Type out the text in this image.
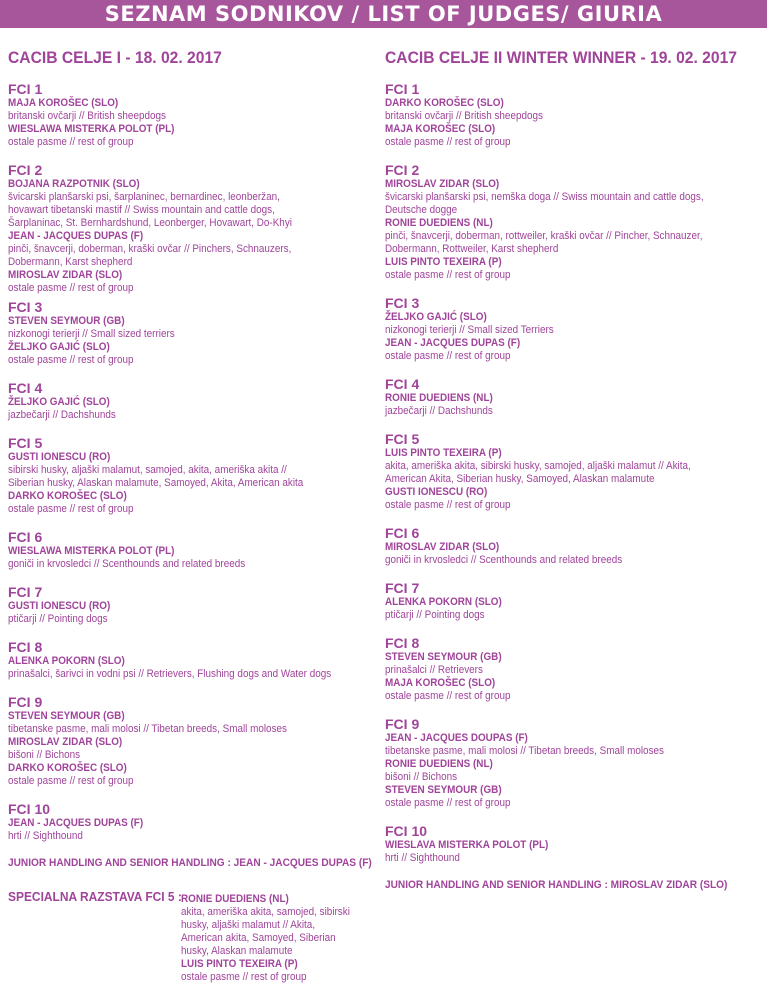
SEZNAM SODNIKOV / LIST OF JUDGES/ GIURIA
CACIB CELJE I - 18. 02. 2017
FCI 1
MAJA KOROŠEC (SLO)
britanski ovčarji // British sheepdogs
WIESLAWA MISTERKA POLOT (PL)
ostale pasme // rest of group
FCI 2
BOJANA RAZPOTNIK (SLO)
švicarski planšarski psi, šarplaninec, bernardinec, leonberžan,
hovawart tibetanski mastif // Swiss mountain and cattle dogs,
Šarplaninac, St. Bernhardshund, Leonberger, Hovawart, Do-Khyi
JEAN - JACQUES DUPAS (F)
pinči, šnavcerji, doberman, kraški ovčar // Pinchers, Schnauzers,
Dobermann, Karst shepherd
MIROSLAV ZIDAR (SLO)
ostale pasme // rest of group
FCI 3
STEVEN SEYMOUR (GB)
nizkonogi terierji // Small sized terriers
ŽELJKO GAJIĆ (SLO)
ostale pasme // rest of group
FCI 4
ŽELJKO GAJIĆ (SLO)
jazbečarji // Dachshunds
FCI 5
GUSTI IONESCU (RO)
sibirski husky, aljaški malamut, samojed, akita, ameriška akita //
Siberian husky, Alaskan malamute, Samoyed, Akita, American akita
DARKO KOROŠEC (SLO)
ostale pasme // rest of group
FCI 6
WIESLAWA MISTERKA POLOT (PL)
goniči in krvosledci // Scenthounds and related breeds
FCI 7
GUSTI IONESCU (RO)
ptičarji // Pointing dogs
FCI 8
ALENKA POKORN (SLO)
prinašalci, šarivci in vodni psi // Retrievers, Flushing dogs and Water dogs
FCI 9
STEVEN SEYMOUR (GB)
tibetanske pasme, mali molosi // Tibetan breeds, Small moloses
MIROSLAV ZIDAR (SLO)
bišoni // Bichons
DARKO KOROŠEC (SLO)
ostale pasme // rest of group
FCI 10
JEAN - JACQUES DUPAS (F)
hrti // Sighthound
JUNIOR HANDLING AND SENIOR HANDLING : JEAN - JACQUES DUPAS (F)
SPECIALNA RAZSTAVA FCI 5 : RONIE DUEDIENS (NL)
akita, ameriška akita, samojed, sibirski
husky, aljaški malamut // Akita,
American akita, Samoyed, Siberian
husky, Alaskan malamute
LUIS PINTO TEXEIRA (P)
ostale pasme // rest of group
CACIB CELJE II WINTER WINNER - 19. 02. 2017
FCI 1
DARKO KOROŠEC (SLO)
britanski ovčarji // British sheepdogs
MAJA KOROŠEC (SLO)
ostale pasme // rest of group
FCI 2
MIROSLAV ZIDAR (SLO)
švicarski planšarski psi, nemška doga // Swiss mountain and cattle dogs,
Deutsche dogge
RONIE DUEDIENS (NL)
pinči, šnavcerji, doberman, rottweiler, kraški ovčar // Pincher, Schnauzer,
Dobermann, Rottweiler, Karst shepherd
LUIS PINTO TEXEIRA (P)
ostale pasme // rest of group
FCI 3
ŽELJKO GAJIĆ (SLO)
nizkonogi terierji // Small sized Terriers
JEAN - JACQUES DUPAS (F)
ostale pasme // rest of group
FCI 4
RONIE DUEDIENS (NL)
jazbečarji // Dachshunds
FCI 5
LUIS PINTO TEXEIRA (P)
akita, ameriška akita, sibirski husky, samojed, aljaški malamut // Akita,
American Akita, Siberian husky, Samoyed, Alaskan malamute
GUSTI IONESCU (RO)
ostale pasme // rest of group
FCI 6
MIROSLAV ZIDAR (SLO)
goniči in krvosledci // Scenthounds and related breeds
FCI 7
ALENKA POKORN (SLO)
ptičarji // Pointing dogs
FCI 8
STEVEN SEYMOUR (GB)
prinašalci // Retrievers
MAJA KOROŠEC (SLO)
ostale pasme // rest of group
FCI 9
JEAN - JACQUES DOUPAS (F)
tibetanske pasme, mali molosi // Tibetan breeds, Small moloses
RONIE DUEDIENS (NL)
bišoni // Bichons
STEVEN SEYMOUR (GB)
ostale pasme // rest of group
FCI 10
WIESLAVA MISTERKA POLOT (PL)
hrti // Sighthound
JUNIOR HANDLING AND SENIOR HANDLING : MIROSLAV ZIDAR (SLO)
